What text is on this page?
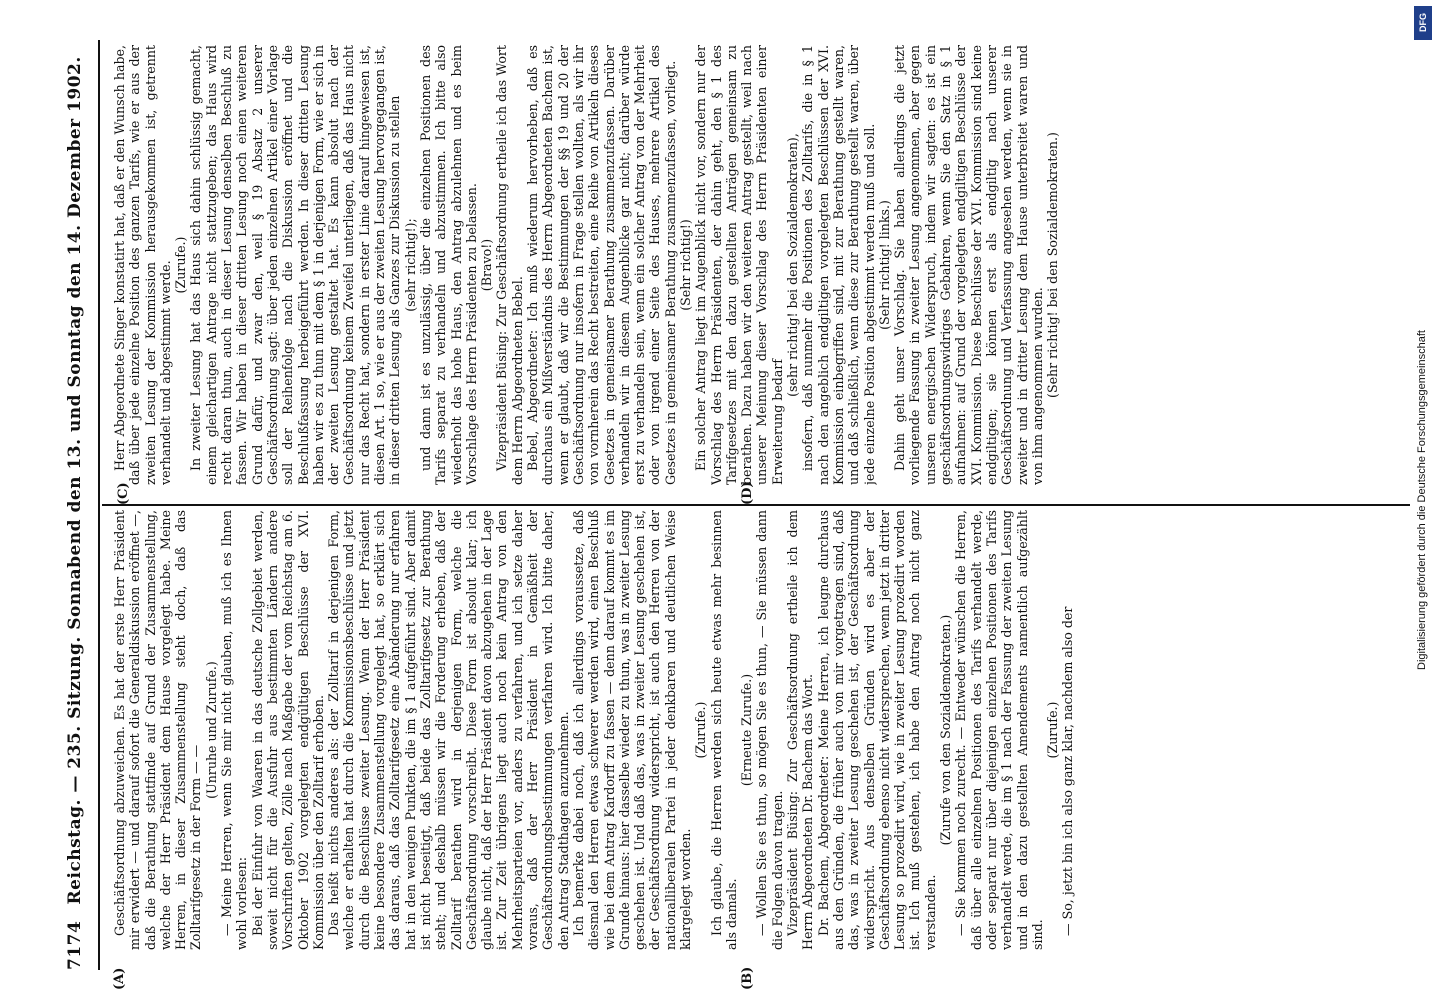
7174
Reichstag. — 235. Sitzung. Sonnabend den 13. und Sonntag den 14. Dezember 1902.
(A)	(B)
(C)	(D)

Geschäftsordnung abzuweichen. Es hat der erste Herr Präsident mir erwidert — und darauf sofort die Generaldiskussion eröffnet —, daß die Berathung stattfinde auf Grund der Zusammenstellung, welche der Herr Präsident dem Hause vorgelegt habe. Meine Herren, in dieser Zusammenstellung steht doch, daß das Zolltarifgesetz in der Form — —

(Unruhe und Zurufe.) — Meine Herren, wenn Sie mir nicht glauben, muß ich es Ihnen wohl vorlesen: Bei der Einfuhr von Waaren in das deutsche Zollgebiet werden, soweit nicht für die Ausfuhr aus bestimmten Ländern andere Vorschriften gelten, Zölle nach Maßgabe der vom Reichstag am 6. Oktober 1902 vorgelegten endgültigen Beschlüsse der XVI. Kommission über den Zolltarif erhoben. Das heißt nichts anderes als: der Zolltarif in derjenigen Form, welche er erhalten hat durch die Kommissionsbeschlüsse und jetzt durch die Beschlüsse zweiter Lesung. Wenn der Herr Präsident keine besondere Zusammenstellung vorgelegt hat, so erklärt sich das daraus, daß das Zolltarifgesetz eine Abänderung nur erfahren hat in den wenigen Punkten, die im § 1 aufgeführt sind. Aber damit ist nicht beseitigt, daß beide das Zolltarifgesetz zur Berathung steht; und deshalb müssen wir die Forderung erheben, daß der Zolltarif berathen wird in derjenigen Form, welche die Geschäftsordnung vorschreibt. Diese Form ist absolut klar; ich glaube nicht, daß der Herr Präsident davon abzugehen in der Lage ist. Zur Zeit übrigens liegt auch noch kein Antrag von den Mehrheitsparteien vor, anders zu verfahren, und ich setze daher voraus, daß der Herr Präsident in Gemäßheit der Geschäftsordnungsbestimmungen verfahren wird. Ich bitte daher, den Antrag Stadthagen anzunehmen. Ich bemerke dabei noch, daß ich allerdings voraussetze, daß diesmal den Herren etwas schwerer werden wird, einen Beschluß wie bei dem Antrag Kardorff zu fassen — denn darauf kommt es im Grunde hinaus: hier dasselbe wieder zu thun, was in zweiter Lesung geschehen ist. Und daß das, was in zweiter Lesung geschehen ist, der Geschäftsordnung widerspricht, ist auch den Herren von der nationalliberalen Partei in jeder denkbaren und deutlichen Weise klargelegt worden.

(Zurufe.) Ich glaube, die Herren werden sich heute etwas mehr besinnen als damals.

(Erneute Zurufe.) — Wollen Sie es thun, so mögen Sie es thun, — Sie müssen dann die Folgen davon tragen. Vizepräsident Büsing: Zur Geschäftsordnung ertheile ich dem Herrn Abgeordneten Dr. Bachem das Wort. Dr. Bachem, Abgeordneter: Meine Herren, ich leugne durchaus aus den Gründen, die früher auch von mir vorgetragen sind, daß das, was in zweiter Lesung geschehen ist, der Geschäftsordnung widerspricht. Aus denselben Gründen wird es aber der Geschäftsordnung ebenso nicht widersprechen, wenn jetzt in dritter Lesung so prozedirt wird, wie in zweiter Lesung prozedirt worden ist. Ich muß gestehen, ich habe den Antrag noch nicht ganz verstanden.

(Zurufe von den Sozialdemokraten.) — Sie kommen noch zurecht. — Entweder wünschen die Herren, daß über alle einzelnen Positionen des Tarifs verhandelt werde, oder separat nur über diejenigen einzelnen Positionen des Tarifs verhandelt werde, die im § 1 nach der Fassung der zweiten Lesung und in den dazu gestellten Amendements namentlich aufgezählt sind.

(Zurufe.) — So, jetzt bin ich also ganz klar, nachdem also der

Herr Abgeordnete Singer konstatirt hat, daß er den Wunsch habe, daß über jede einzelne Position des ganzen Tarifs, wie er aus der zweiten Lesung der Kommission herausgekommen ist, getrennt verhandelt und abgestimmt werde. (Zurufe.) In zweiter Lesung hat das Haus sich dahin schlüssig gemacht, einem gleichartigen Antrage nicht stattzugeben; das Haus wird recht daran thun, auch in dieser Lesung denselben Beschluß zu fassen. Wir haben in dieser dritten Lesung noch einen weiteren Grund dafür, und zwar den, weil § 19 Absatz 2 unserer Geschäftsordnung sagt: über jeden einzelnen Artikel einer Vorlage soll der Reihenfolge nach die Diskussion eröffnet und die Beschlußfassung herbeigeführt werden. In dieser dritten Lesung haben wir es zu thun mit dem § 1 in derjenigen Form, wie er sich in der zweiten Lesung gestaltet hat. Es kann absolut nach der Geschäftsordnung keinem Zweifel unterliegen, daß das Haus nicht nur das Recht hat, sondern in erster Linie darauf hingewiesen ist, diesen Art. 1 so, wie er aus der zweiten Lesung hervorgegangen ist, in dieser dritten Lesung als Ganzes zur Diskussion zu stellen (sehr richtig!); und dann ist es unzulässig, über die einzelnen Positionen des Tarifs separat zu verhandeln und abzustimmen. Ich bitte also wiederholt das hohe Haus, den Antrag abzulehnen und es beim Vorschlage des Herrn Präsidenten zu belassen. (Bravo!) Vizepräsident Büsing: Zur Geschäftsordnung ertheile ich das Wort dem Herrn Abgeordneten Bebel. Bebel, Abgeordneter: Ich muß wiederum hervorheben, daß es durchaus ein Mißverständnis des Herrn Abgeordneten Bachem ist, wenn er glaubt, daß wir die Bestimmungen der §§ 19 und 20 der Geschäftsordnung nur insofern in Frage stellen wollten, als wir ihr von vornherein das Recht bestreiten, eine Reihe von Artikeln dieses Gesetzes in gemeinsamer Berathung zusammenzufassen. Darüber verhandeln wir in diesem Augenblicke gar nicht; darüber würde erst zu verhandeln sein, wenn ein solcher Antrag von der Mehrheit oder von irgend einer Seite des Hauses, mehrere Artikel des Gesetzes in gemeinsamer Berathung zusammenzufassen, vorliegt. (Sehr richtig!) Ein solcher Antrag liegt im Augenblick nicht vor, sondern nur der Vorschlag des Herrn Präsidenten, der dahin geht, den § 1 des Tarifgesetzes mit den dazu gestellten Anträgen gemeinsam zu berathen. Dazu haben wir den weiteren Antrag gestellt, weil nach unserer Meinung dieser Vorschlag des Herrn Präsidenten einer Erweiterung bedarf

(sehr richtig! bei den Sozialdemokraten), insofern, daß nunmehr die Positionen des Zolltarifs, die in § 1 nach den angeblich endgiltigen vorgelegten Beschlüssen der XVI. Kommission einbegriffen sind, mit zur Berathung gestellt waren, und daß schließlich, wenn diese zur Berathung gestellt waren, über jede einzelne Position abgestimmt werden muß und soll. (Sehr richtig! links.) Dahin geht unser Vorschlag. Sie haben allerdings die jetzt vorliegende Fassung in zweiter Lesung angenommen, aber gegen unseren energischen Widerspruch, indem wir sagten: es ist ein geschäftsordnungswidriges Gebahren, wenn Sie den Satz in § 1 aufnahmen: auf Grund der vorgelegten endgiltigen Beschlüsse der XVI. Kommission. Diese Beschlüsse der XVI. Kommission sind keine endgiltigen; sie können erst als endgiltig nach unserer Geschäftsordnung und Verfassung angesehen werden, wenn sie in zweiter und in dritter Lesung dem Hause unterbreitet waren und von ihm angenommen wurden. (Sehr richtig! bei den Sozialdemokraten.)

Digitalisierung gefördert durch die Deutsche Forschungsgemeinschaft
DFG
